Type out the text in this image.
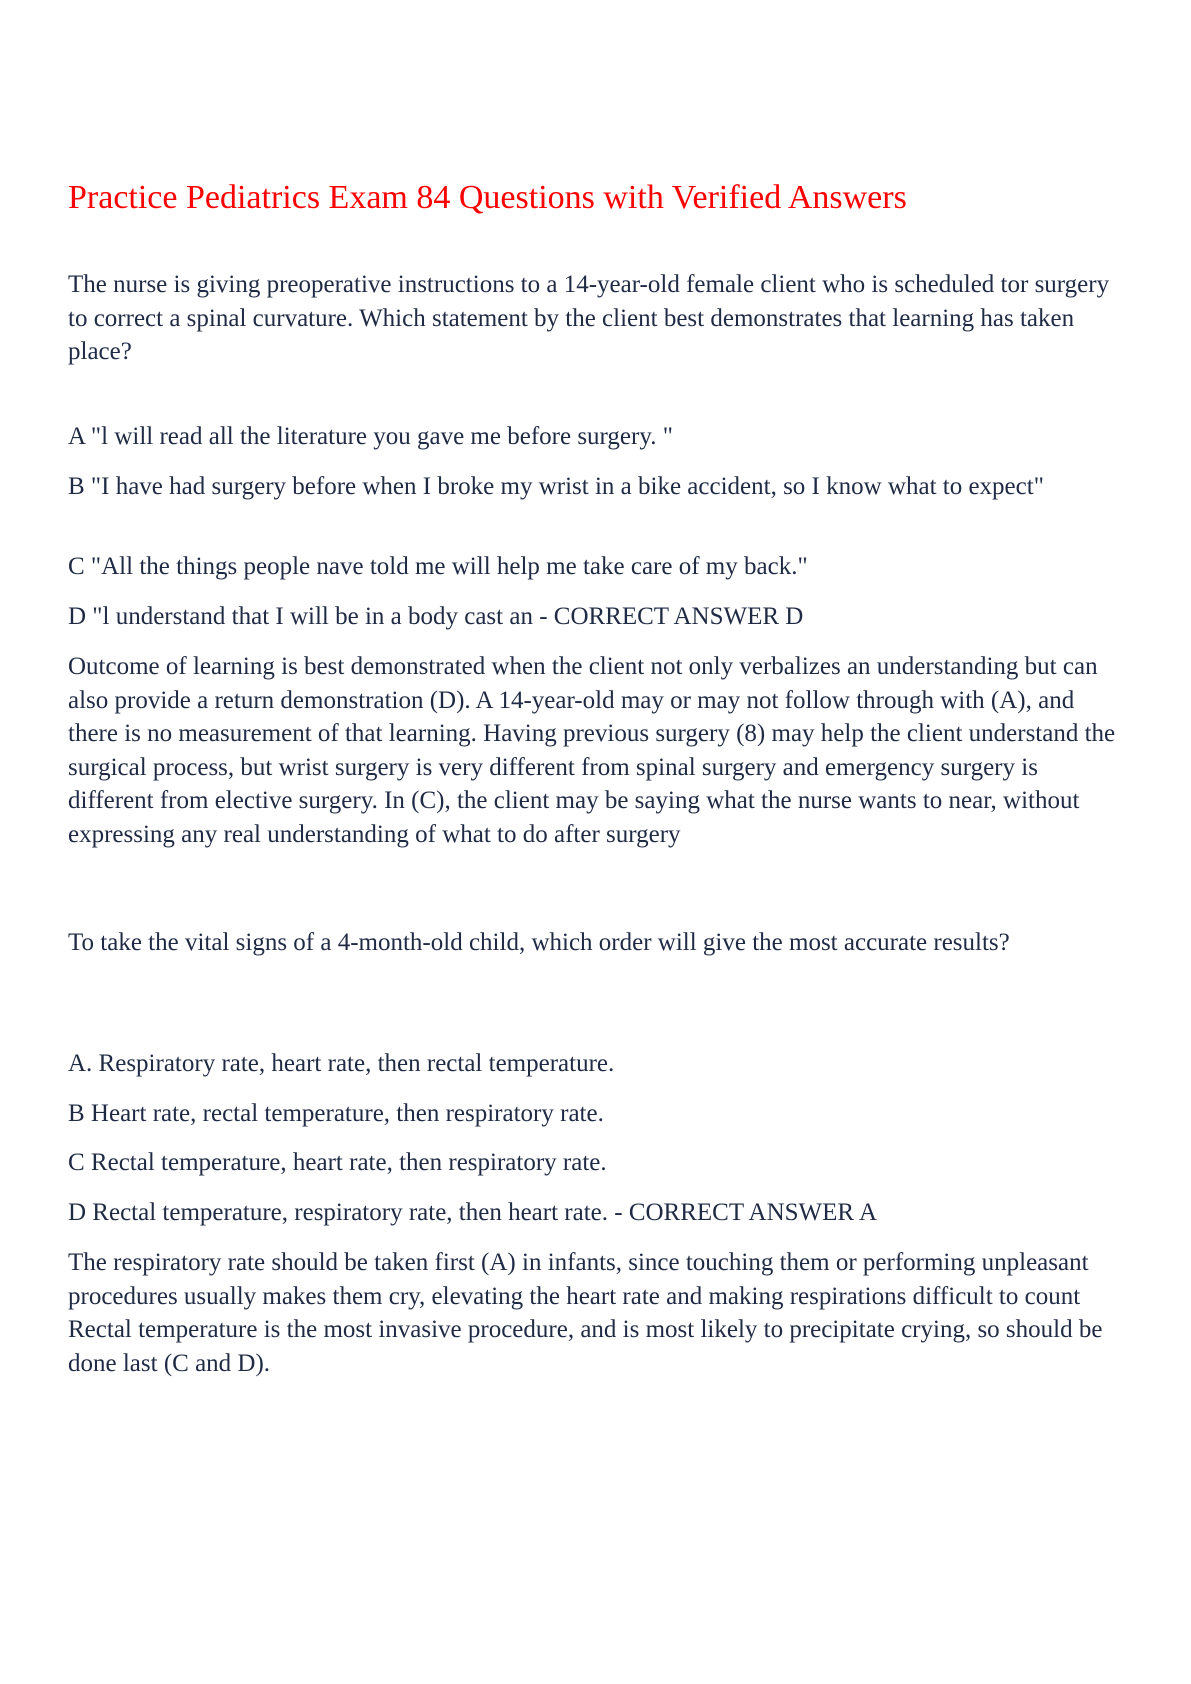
Practice Pediatrics Exam 84 Questions with Verified Answers

The nurse is giving preoperative instructions to a 14-year-old female client who is scheduled tor surgery to correct a spinal curvature. Which statement by the client best demonstrates that learning has taken place?

A "l will read all the literature you gave me before surgery. "

B "I have had surgery before when I broke my wrist in a bike accident, so I know what to expect"

C "All the things people nave told me will help me take care of my back."

D "l understand that I will be in a body cast an - CORRECT ANSWER D

Outcome of learning is best demonstrated when the client not only verbalizes an understanding but can also provide a return demonstration (D). A 14-year-old may or may not follow through with (A), and there is no measurement of that learning. Having previous surgery (8) may help the client understand the surgical process, but wrist surgery is very different from spinal surgery and emergency surgery is different from elective surgery. In (C), the client may be saying what the nurse wants to near, without expressing any real understanding of what to do after surgery

To take the vital signs of a 4-month-old child, which order will give the most accurate results?

A. Respiratory rate, heart rate, then rectal temperature.

B Heart rate, rectal temperature, then respiratory rate.

C Rectal temperature, heart rate, then respiratory rate.

D Rectal temperature, respiratory rate, then heart rate. - CORRECT ANSWER A

The respiratory rate should be taken first (A) in infants, since touching them or performing unpleasant procedures usually makes them cry, elevating the heart rate and making respirations difficult to count Rectal temperature is the most invasive procedure, and is most likely to precipitate crying, so should be done last (C and D).
